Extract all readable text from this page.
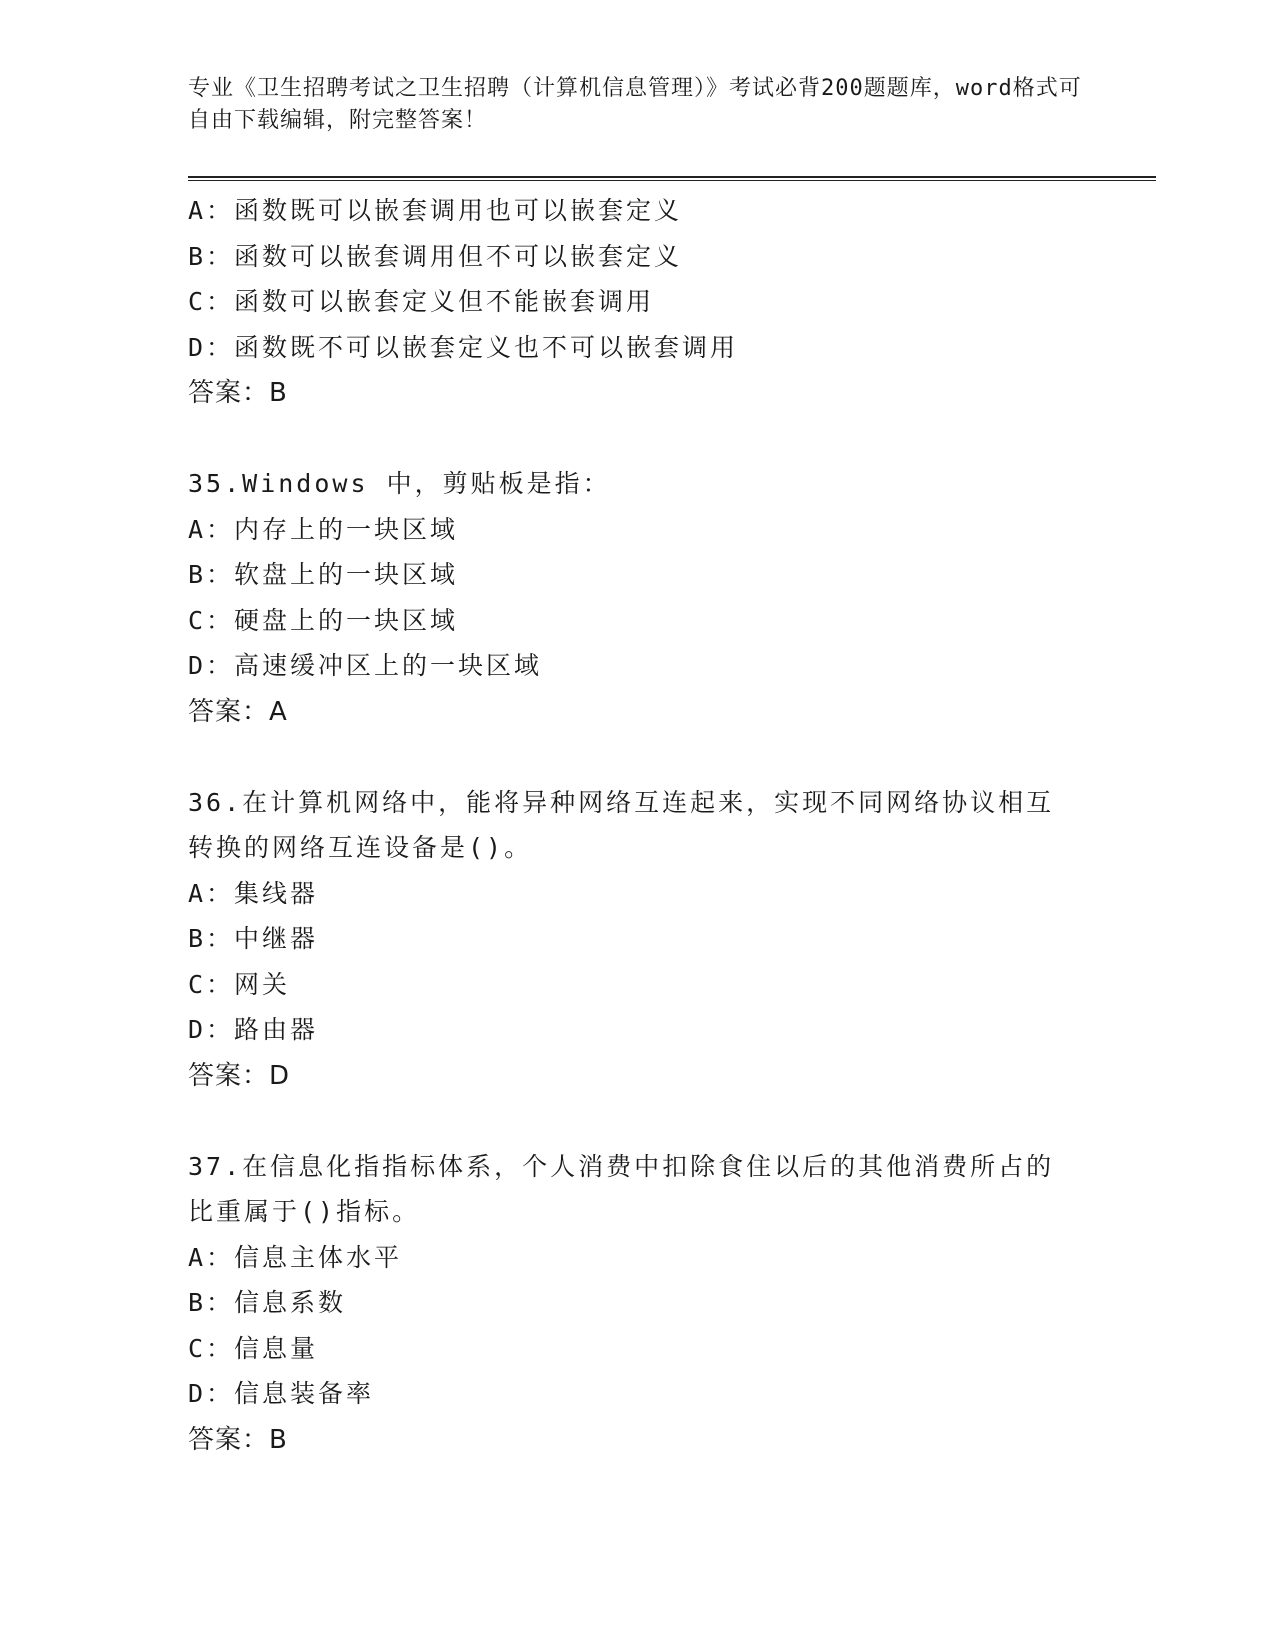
专业《卫生招聘考试之卫生招聘（计算机信息管理）》考试必背200题题库，word格式可自由下载编辑，附完整答案！
A：函数既可以嵌套调用也可以嵌套定义
B：函数可以嵌套调用但不可以嵌套定义
C：函数可以嵌套定义但不能嵌套调用
D：函数既不可以嵌套定义也不可以嵌套调用
答案：B
35.Windows 中，剪贴板是指：
A：内存上的一块区域
B：软盘上的一块区域
C：硬盘上的一块区域
D：高速缓冲区上的一块区域
答案：A
36.在计算机网络中，能将异种网络互连起来，实现不同网络协议相互转换的网络互连设备是()。
A：集线器
B：中继器
C：网关
D：路由器
答案：D
37.在信息化指指标体系，个人消费中扣除食住以后的其他消费所占的比重属于()指标。
A：信息主体水平
B：信息系数
C：信息量
D：信息装备率
答案：B
